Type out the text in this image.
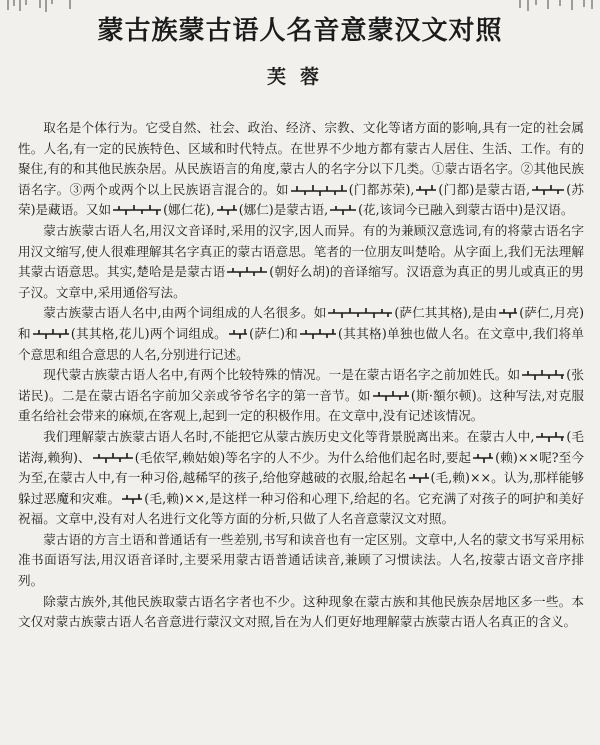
蒙古族蒙古语人名音意蒙汉文对照
芙蓉

取名是个体行为。它受自然、社会、政治、经济、宗教、文化等诸方面的影响,具有一定的社会属性。人名,有一定的民族特色、区域和时代特点。在世界不少地方都有蒙古人居住、生活、工作。有的聚住,有的和其他民族杂居。从民族语言的角度,蒙古人的名字分以下几类。①蒙古语名字。②其他民族语名字。③两个或两个以上民族语言混合的。如	(门都苏荣), (门都)是蒙古语,	(苏荣)是藏语。又如	(娜仁花), (娜仁)是蒙古语, (花,该词今已融入到蒙古语中)是汉语。

蒙古族蒙古语人名,用汉文音译时,采用的汉字,因人而异。有的为兼顾汉意选词,有的将蒙古语名字用汉文缩写,使人很难理解其名字真正的蒙古语意思。笔者的一位朋友叫楚哈。从字面上,我们无法理解其蒙古语意思。其实,楚哈是是蒙古语	(朝好么胡)的音译缩写。汉语意为真正的男儿或真正的男子汉。文章中,采用通俗写法。

蒙古族蒙古语人名中,由两个词组成的人名很多。如	(萨仁其其格),是由 (萨仁,月亮)和	(其其格,花儿)两个词组成。 (萨仁)和	(其其格)单独也做人名。在文章中,我们将单个意思和组合意思的人名,分别进行记述。

现代蒙古族蒙古语人名中,有两个比较特殊的情况。一是在蒙古语名字之前加姓氏。如	(张诺民)。二是在蒙古语名字前加父亲或爷爷名字的第一音节。如	(斯·額尔顿)。这种写法,对克服重名给社会带来的麻烦,在客观上,起到一定的积极作用。在文章中,没有记述该情况。

我们理解蒙古族蒙古语人名时,不能把它从蒙古族历史文化等背景脱离出来。在蒙古人中,	(毛诺海,赖狗)、	(毛依罕,赖姑娘)等名字的人不少。为什么给他们起名时,要起 (赖)××呢?至今为至,在蒙古人中,有一种习俗,越稀罕的孩子,给他穿越破的衣服,给起名 (毛,赖)××。认为,那样能够躲过恶魔和灾难。 (毛,赖)××,是这样一种习俗和心理下,给起的名。它充满了对孩子的呵护和美好祝福。文章中,没有对人名进行文化等方面的分析,只做了人名音意蒙汉文对照。

蒙古语的方言土语和普通话有一些差别,书写和读音也有一定区别。文章中,人名的蒙文书写采用标准书面语写法,用汉语音译时,主要采用蒙古语普通话读音,兼顾了习惯读法。人名,按蒙古语文音序排列。

除蒙古族外,其他民族取蒙古语名字者也不少。这种现象在蒙古族和其他民族杂居地区多一些。本文仅对蒙古族蒙古语人名音意进行蒙汉文对照,旨在为人们更好地理解蒙古族蒙古语人名真正的含义。
